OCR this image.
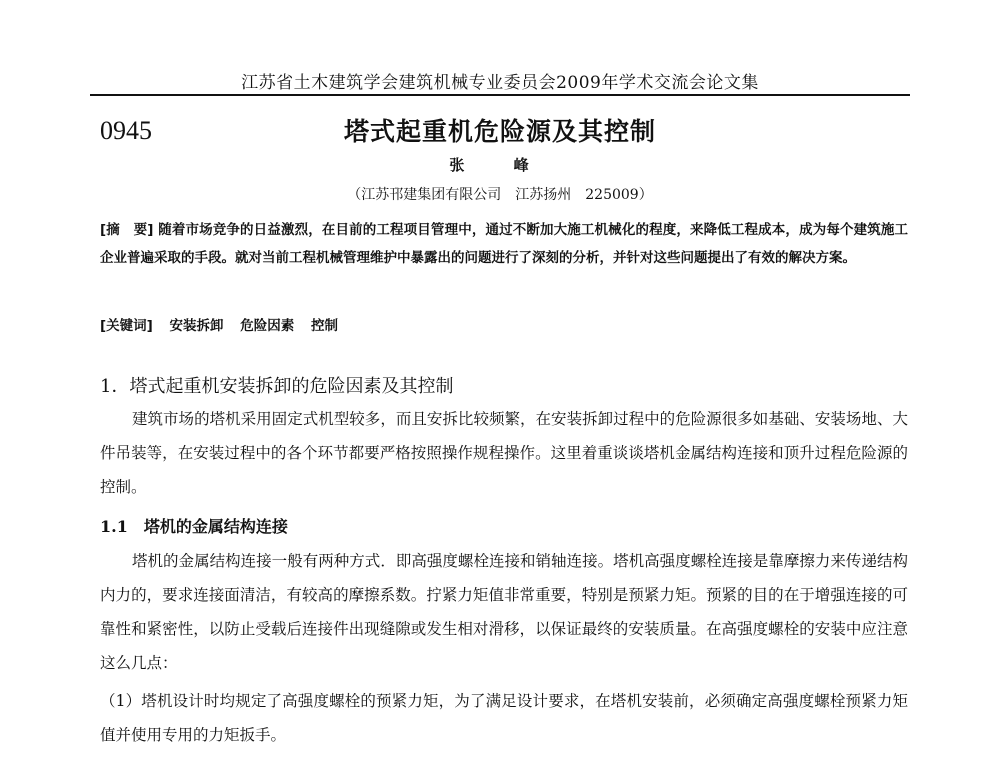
江苏省土木建筑学会建筑机械专业委员会2009年学术交流会论文集
0945	塔式起重机危险源及其控制
张 峰
（江苏邗建集团有限公司　江苏扬州　225009）
[摘　要] 随着市场竞争的日益激烈，在目前的工程项目管理中，通过不断加大施工机械化的程度，来降低工程成本，成为每个建筑施工企业普遍采取的手段。就对当前工程机械管理维护中暴露出的问题进行了深刻的分析，并针对这些问题提出了有效的解决方案。
[关键词] 安装拆卸 危险因素 控制
1．塔式起重机安装拆卸的危险因素及其控制
建筑市场的塔机采用固定式机型较多，而且安拆比较频繁，在安装拆卸过程中的危险源很多如基础、安装场地、大件吊装等，在安装过程中的各个环节都要严格按照操作规程操作。这里着重谈谈塔机金属结构连接和顶升过程危险源的控制。
1.1　塔机的金属结构连接
塔机的金属结构连接一般有两种方式．即高强度螺栓连接和销轴连接。塔机高强度螺栓连接是靠摩擦力来传递结构内力的，要求连接面清洁，有较高的摩擦系数。拧紧力矩值非常重要，特别是预紧力矩。预紧的目的在于增强连接的可靠性和紧密性，以防止受载后连接件出现缝隙或发生相对滑移，以保证最终的安装质量。在高强度螺栓的安装中应注意这么几点：
（1）塔机设计时均规定了高强度螺栓的预紧力矩，为了满足设计要求，在塔机安装前，必须确定高强度螺栓预紧力矩值并使用专用的力矩扳手。
